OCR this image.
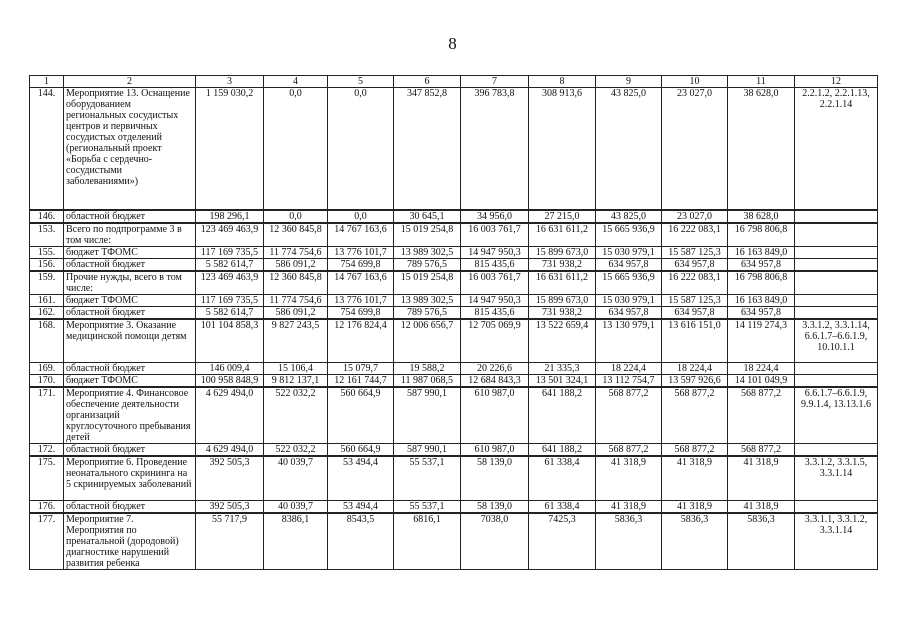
8
1	2	3	4	5	6	7	8	9	10	11	12
144.	Мероприятие 13. Оснащение оборудованием региональных сосудистых центров и первичных сосудистых отделений (региональный проект «Борьба с сердечно-сосудистыми заболеваниями»)	1 159 030,2	0,0	0,0	347 852,8	396 783,8	308 913,6	43 825,0	23 027,0	38 628,0	2.2.1.2, 2.2.1.13, 2.2.1.14
146.	областной бюджет	198 296,1	0,0	0,0	30 645,1	34 956,0	27 215,0	43 825,0	23 027,0	38 628,0	
153.	Всего по подпрограмме 3 в том числе:	123 469 463,9	12 360 845,8	14 767 163,6	15 019 254,8	16 003 761,7	16 631 611,2	15 665 936,9	16 222 083,1	16 798 806,8	
155.	бюджет ТФОМС	117 169 735,5	11 774 754,6	13 776 101,7	13 989 302,5	14 947 950,3	15 899 673,0	15 030 979,1	15 587 125,3	16 163 849,0	
156.	областной бюджет	5 582 614,7	586 091,2	754 699,8	789 576,5	815 435,6	731 938,2	634 957,8	634 957,8	634 957,8	
159.	Прочие нужды, всего в том числе:	123 469 463,9	12 360 845,8	14 767 163,6	15 019 254,8	16 003 761,7	16 631 611,2	15 665 936,9	16 222 083,1	16 798 806,8	
161.	бюджет ТФОМС	117 169 735,5	11 774 754,6	13 776 101,7	13 989 302,5	14 947 950,3	15 899 673,0	15 030 979,1	15 587 125,3	16 163 849,0	
162.	областной бюджет	5 582 614,7	586 091,2	754 699,8	789 576,5	815 435,6	731 938,2	634 957,8	634 957,8	634 957,8	
168.	Мероприятие 3. Оказание медицинской помощи детям	101 104 858,3	9 827 243,5	12 176 824,4	12 006 656,7	12 705 069,9	13 522 659,4	13 130 979,1	13 616 151,0	14 119 274,3	3.3.1.2, 3.3.1.14, 6.6.1.7–6.6.1.9, 10.10.1.1
169.	областной бюджет	146 009,4	15 106,4	15 079,7	19 588,2	20 226,6	21 335,3	18 224,4	18 224,4	18 224,4	
170.	бюджет ТФОМС	100 958 848,9	9 812 137,1	12 161 744,7	11 987 068,5	12 684 843,3	13 501 324,1	13 112 754,7	13 597 926,6	14 101 049,9	
171.	Мероприятие 4. Финансовое обеспечение деятельности организаций круглосуточного пребывания детей	4 629 494,0	522 032,2	560 664,9	587 990,1	610 987,0	641 188,2	568 877,2	568 877,2	568 877,2	6.6.1.7–6.6.1.9, 9.9.1.4, 13.13.1.6
172.	областной бюджет	4 629 494,0	522 032,2	560 664,9	587 990,1	610 987,0	641 188,2	568 877,2	568 877,2	568 877,2	
175.	Мероприятие 6. Проведение неонатального скрининга на 5 скринируемых заболеваний	392 505,3	40 039,7	53 494,4	55 537,1	58 139,0	61 338,4	41 318,9	41 318,9	41 318,9	3.3.1.2, 3.3.1.5, 3.3.1.14
176.	областной бюджет	392 505,3	40 039,7	53 494,4	55 537,1	58 139,0	61 338,4	41 318,9	41 318,9	41 318,9	
177.	Мероприятие 7. Мероприятия по пренатальной (дородовой) диагностике нарушений развития ребенка	55 717,9	8386,1	8543,5	6816,1	7038,0	7425,3	5836,3	5836,3	5836,3	3.3.1.1, 3.3.1.2, 3.3.1.14
